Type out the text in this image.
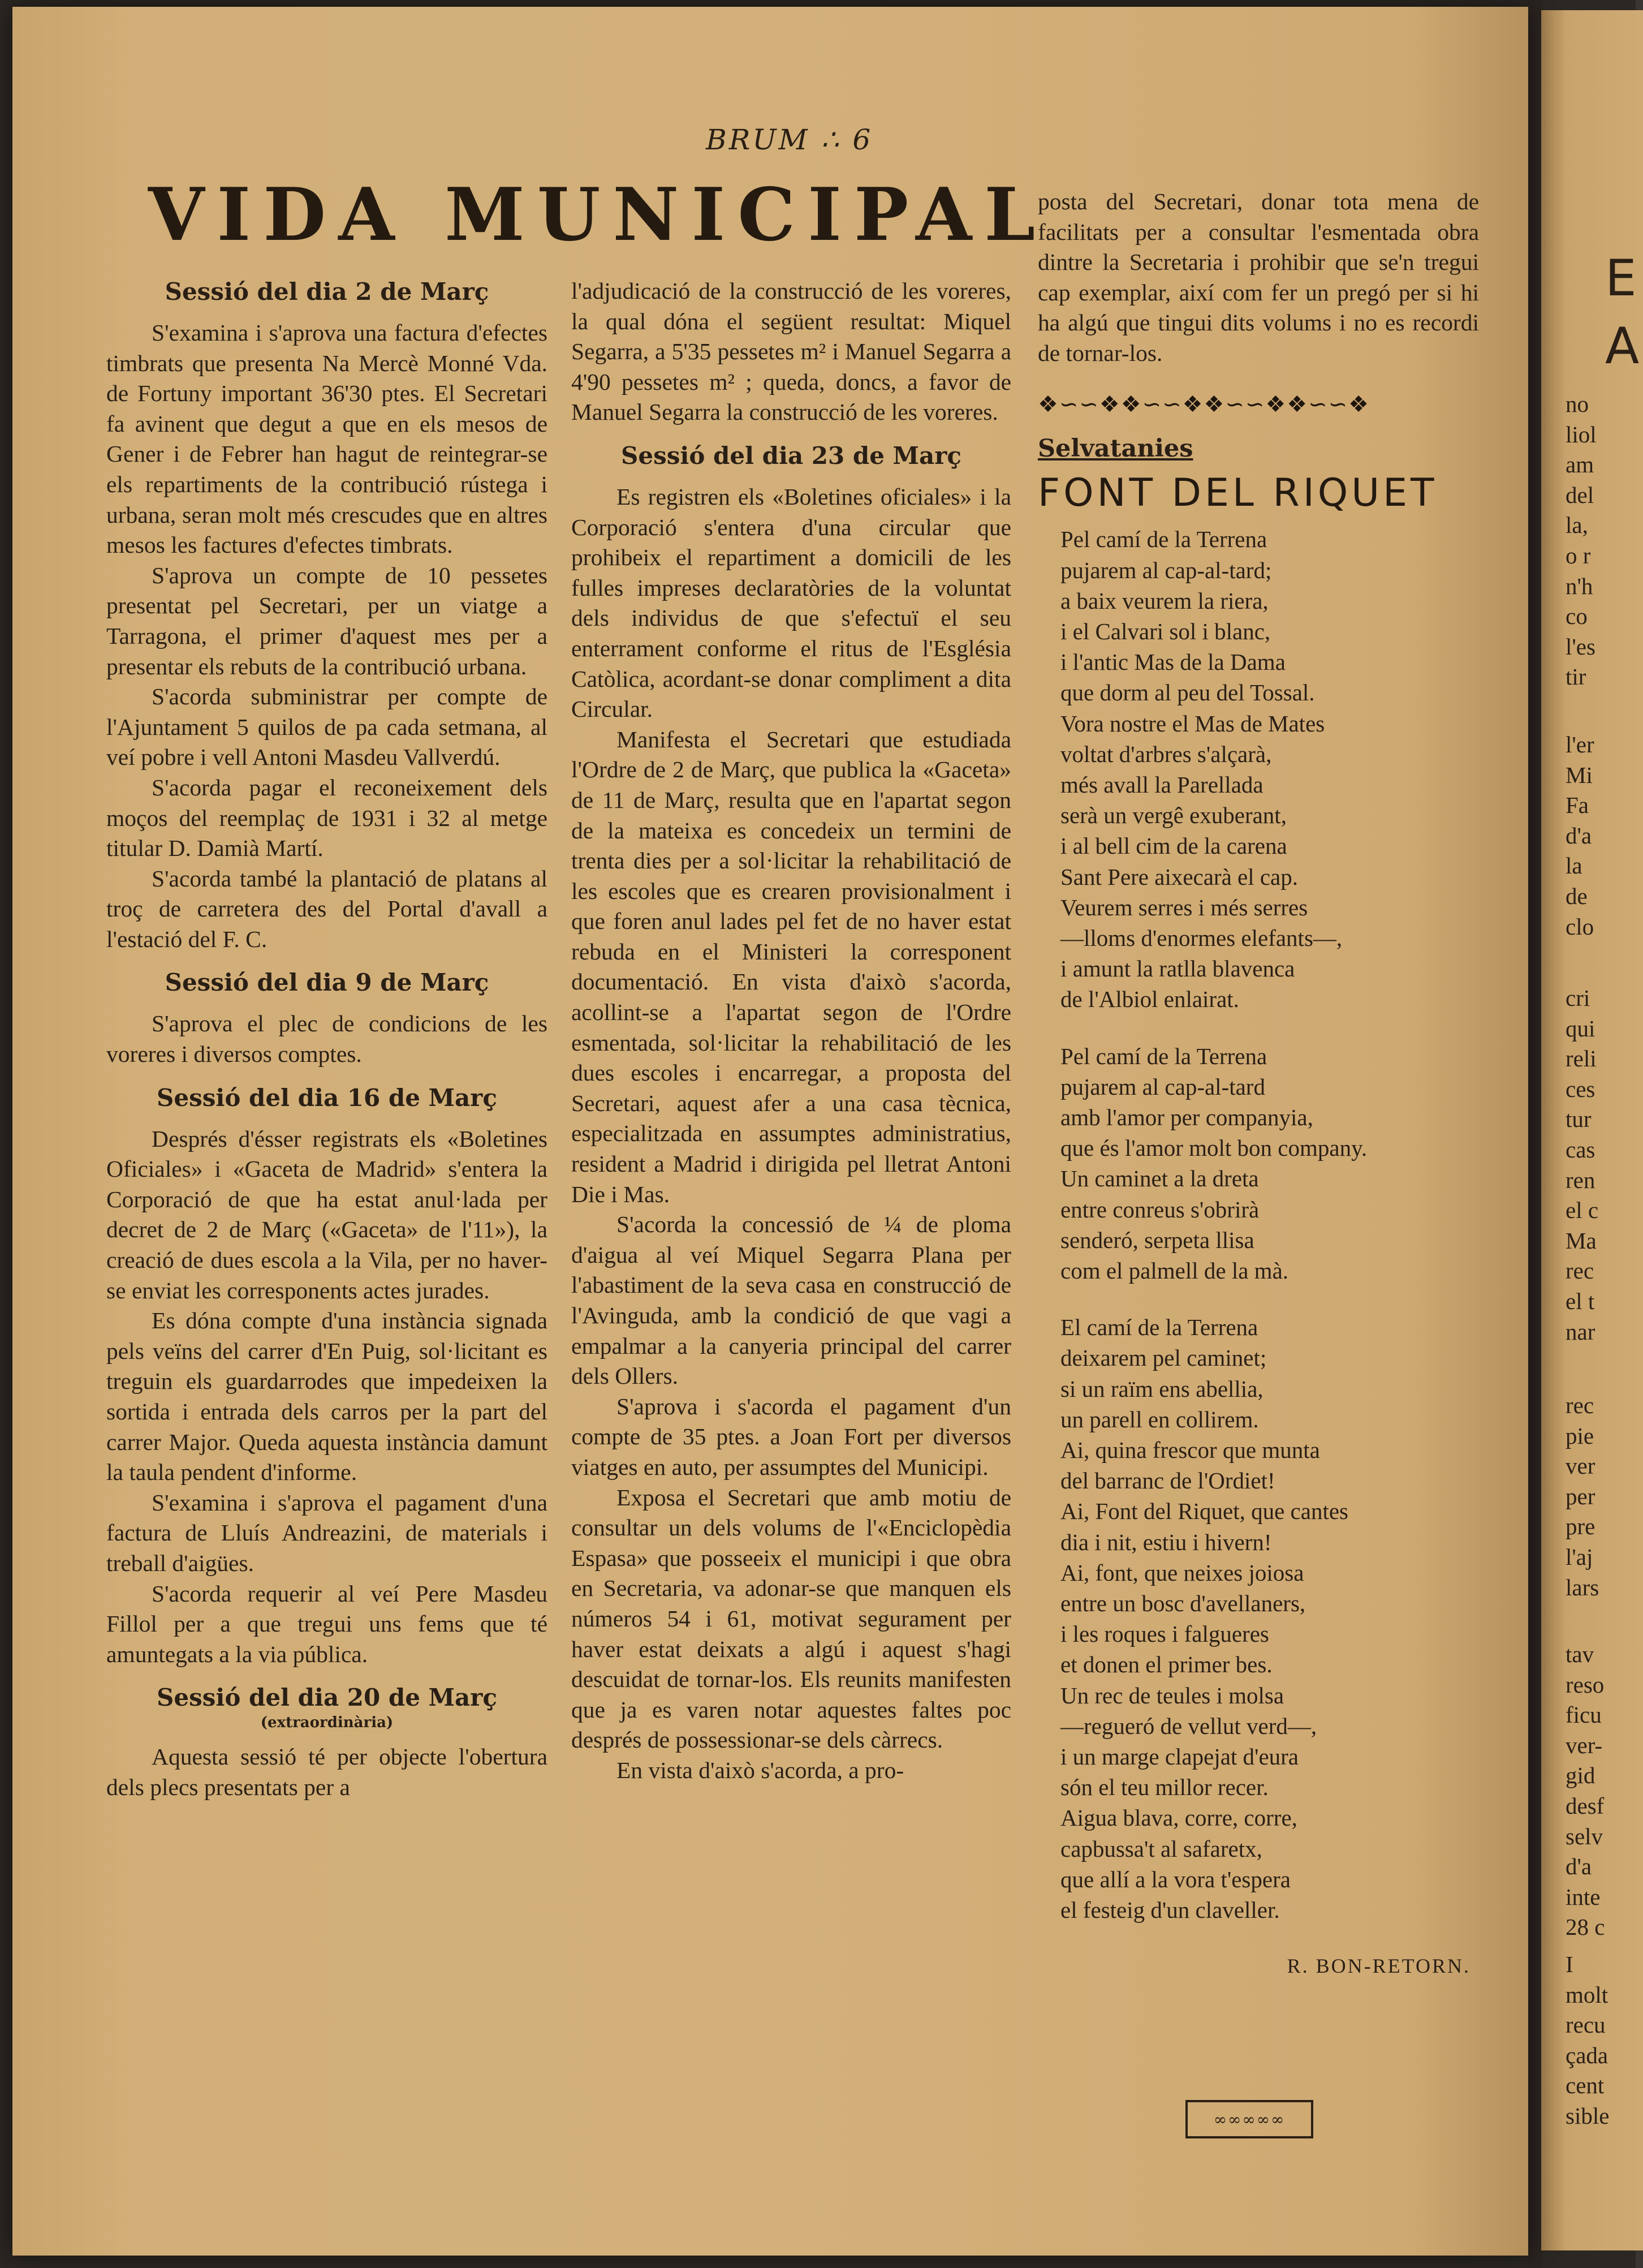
BRUM ∴ 6
VIDA MUNICIPAL
Sessió del dia 2 de Març

S'examina i s'aprova una factura d'efectes timbrats que presenta Na Mercè Monné Vda. de Fortuny important 36'30 ptes. El Secretari fa avinent que degut a que en els mesos de Gener i de Febrer han hagut de reintegrar-se els repartiments de la contribució rústega i urbana, seran molt més crescudes que en altres mesos les factures d'efectes timbrats.

S'aprova un compte de 10 pessetes presentat pel Secretari, per un viatge a Tarragona, el primer d'aquest mes per a presentar els rebuts de la contribució urbana.

S'acorda subministrar per compte de l'Ajuntament 5 quilos de pa cada setmana, al veí pobre i vell Antoni Masdeu Vallverdú.

S'acorda pagar el reconeixement dels moços del reemplaç de 1931 i 32 al metge titular D. Damià Martí.

S'acorda també la plantació de platans al troç de carretera des del Portal d'avall a l'estació del F. C.

Sessió del dia 9 de Març

S'aprova el plec de condicions de les voreres i diversos comptes.

Sessió del dia 16 de Març

Després d'ésser registrats els «Boletines Oficiales» i «Gaceta de Madrid» s'entera la Corporació de que ha estat anul·lada per decret de 2 de Març («Gaceta» de l'11»), la creació de dues escola a la Vila, per no haver-se enviat les corresponents actes jurades.

Es dóna compte d'una instància signada pels veïns del carrer d'En Puig, sol·licitant es treguin els guardarrodes que impedeixen la sortida i entrada dels carros per la part del carrer Major. Queda aquesta instància damunt la taula pendent d'informe.

S'examina i s'aprova el pagament d'una factura de Lluís Andreazini, de materials i treball d'aigües.

S'acorda requerir al veí Pere Masdeu Fillol per a que tregui uns fems que té amuntegats a la via pública.

Sessió del dia 20 de Març
(extraordinària)

Aquesta sessió té per objecte l'obertura dels plecs presentats per a

l'adjudicació de la construcció de les voreres, la qual dóna el següent resultat: Miquel Segarra, a 5'35 pessetes m² i Manuel Segarra a 4'90 pessetes m² ; queda, doncs, a favor de Manuel Segarra la construcció de les voreres.

Sessió del dia 23 de Març

Es registren els «Boletines oficiales» i la Corporació s'entera d'una circular que prohibeix el repartiment a domicili de les fulles impreses declaratòries de la voluntat dels individus de que s'efectuï el seu enterrament conforme el ritus de l'Església Catòlica, acordant-se donar compliment a dita Circular.

Manifesta el Secretari que estudiada l'Ordre de 2 de Març, que publica la «Gaceta» de 11 de Març, resulta que en l'apartat segon de la mateixa es concedeix un termini de trenta dies per a sol·licitar la rehabilitació de les escoles que es crearen provisionalment i que foren anul lades pel fet de no haver estat rebuda en el Ministeri la corresponent documentació. En vista d'això s'acorda, acollint-se a l'apartat segon de l'Ordre esmentada, sol·licitar la rehabilitació de les dues escoles i encarregar, a proposta del Secretari, aquest afer a una casa tècnica, especialitzada en assumptes administratius, resident a Madrid i dirigida pel lletrat Antoni Die i Mas.

S'acorda la concessió de ¼ de ploma d'aigua al veí Miquel Segarra Plana per l'abastiment de la seva casa en construcció de l'Avinguda, amb la condició de que vagi a empalmar a la canyeria principal del carrer dels Ollers.

S'aprova i s'acorda el pagament d'un compte de 35 ptes. a Joan Fort per diversos viatges en auto, per assumptes del Municipi.

Exposa el Secretari que amb motiu de consultar un dels volums de l'«Enciclopèdia Espasa» que posseeix el municipi i que obra en Secretaria, va adonar-se que manquen els números 54 i 61, motivat segurament per haver estat deixats a algú i aquest s'hagi descuidat de tornar-los. Els reunits manifesten que ja es varen notar aquestes faltes poc després de possessionar-se dels càrrecs.

En vista d'això s'acorda, a pro-

posta del Secretari, donar tota mena de facilitats per a consultar l'esmentada obra dintre la Secretaria i prohibir que se'n tregui cap exemplar, així com fer un pregó per si hi ha algú que tingui dits volums i no es recordi de tornar-los.

❖∽∽❖❖∽∽❖❖∽∽❖❖∽∽❖
Selvatanies
FONT DEL RIQUET
Pel camí de la Terrena
pujarem al cap-al-tard;
a baix veurem la riera,
i el Calvari sol i blanc,
i l'antic Mas de la Dama
que dorm al peu del Tossal.
Vora nostre el Mas de Mates
voltat d'arbres s'alçarà,
més avall la Parellada
serà un vergê exuberant,
i al bell cim de la carena
Sant Pere aixecarà el cap.
Veurem serres i més serres
—lloms d'enormes elefants—,
i amunt la ratlla blavenca
de l'Albiol enlairat.
Pel camí de la Terrena
pujarem al cap-al-tard
amb l'amor per companyia,
que és l'amor molt bon company.
Un caminet a la dreta
entre conreus s'obrirà
senderó, serpeta llisa
com el palmell de la mà.
El camí de la Terrena
deixarem pel caminet;
si un raïm ens abellia,
un parell en collirem.
Ai, quina frescor que munta
del barranc de l'Ordiet!
Ai, Font del Riquet, que cantes
dia i nit, estiu i hivern!
Ai, font, que neixes joiosa
entre un bosc d'avellaners,
i les roques i falgueres
et donen el primer bes.
Un rec de teules i molsa
—regueró de vellut verd—,
i un marge clapejat d'eura
són el teu millor recer.
Aigua blava, corre, corre,
capbussa't al safaretx,
que allí a la vora t'espera
el festeig d'un claveller.
R. BON-RETORN.
∞∞∞∞∞
E
A
no
liol
am
del
la,
o r
n'h
co
l'es
tir
l'er
Mi
Fa
d'a
la
de
clo
cri
qui
reli
ces
tur
cas
ren
el c
Ma
rec
el t
nar
rec
pie
ver
per
pre
l'aj
lars
tav
reso
ficu
ver-
gid
desf
selv
d'a
inte
28 c
I
molt
recu
çada
cent
sible
